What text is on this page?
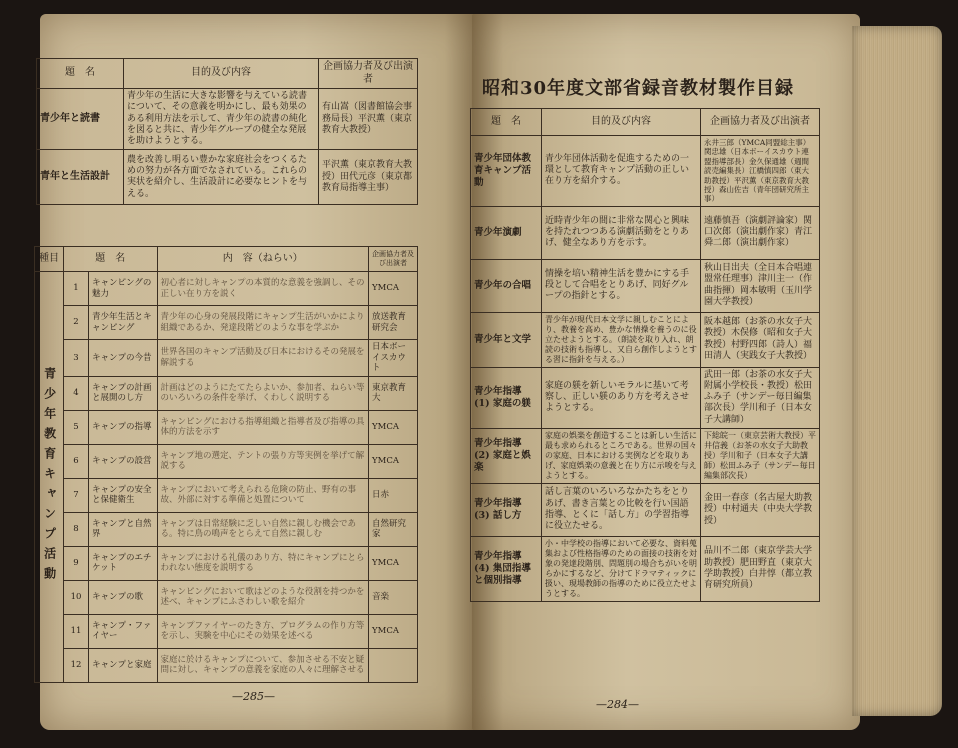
題　名	目的及び内容	企画協力者及び出演者
青少年と読書	青少年の生活に大きな影響を与えている読書について、その意義を明かにし、最も効果のある利用方法を示して、青少年の読書の純化を図ると共に、青少年グループの健全な発展を助けようとする。	有山嵩（図書館協会事務局長）平沢薫（東京教育大教授）
青年と生活設計	農を改善し明るい豊かな家庭社会をつくるための努力が各方面でなされている。これらの実状を紹介し、生活設計に必要なヒントを与える。	平沢薫（東京教育大教授）田代元彦（東京都教育局指導主事）
種目	題　名		内　容（ねらい）	企画協力者及び出演者

青少年教育キャンプ活動	1	キャンピングの魅力	初心者に対しキャンプの本質的な意義を強調し、その正しい在り方を説く	YMCA
	2	青少年生活とキャンピング	青少年の心身の発展段階にキャンプ生活がいかにより組織であるか、発達段階どのような事を学ぶか	放送教育研究会
	3	キャンプの今昔	世界各国のキャンプ活動及び日本におけるその発展を解説する	日本ボーイスカウト
	4	キャンプの計画と展開のし方	計画はどのようにたてたらよいか、参加者、ねらい等のいろいろの条件を挙げ、くわしく説明する	東京教育大
	5	キャンプの指導	キャンピングにおける指導組織と指導者及び指導の具体的方法を示す	YMCA
	6	キャンプの設営	キャンプ地の選定、テントの張り方等実例を挙げて解説する	YMCA
	7	キャンプの安全と保健衛生	キャンプにおいて考えられる危険の防止、野有の事故、外部に対する準備と処置について	日赤
	8	キャンプと自然界	キャンプは日常経験に乏しい自然に親しむ機会である。特に鳥の鳴声をとらえて自然に親しむ	自然研究家
	9	キャンプのエチケット	キャンプにおける礼儀のあり方、特にキャンプにとらわれない態度を説明する	YMCA
	10	キャンプの歌	キャンピングにおいて歌はどのような役割を持つかを述べ、キャンプにふさわしい歌を紹介	音楽
	11	キャンプ・ファイヤー	キャンプファイヤーのたき方、プログラムの作り方等を示し、実験を中心にその効果を述べる	YMCA
	12	キャンプと家庭	家庭に於けるキャンプについて、参加させる不安と疑問に対し、キャンプの意義を家庭の人々に理解させる	
—285—
昭和30年度文部省録音教材製作目録
題　名	目的及び内容	企画協力者及び出演者
青少年団体教育キャンプ活動	青少年団体活動を促進するための一環として教育キャンプ活動の正しい在り方を紹介する。	永井三郎（YMCA同盟総主事）関忠雄（日本ボーイスカウト連盟指導部長）金久保通雄（週間読売編集長）江橋慎四郎（東大助教授）平沢薫（東京教育大教授）森山佐吉（青年団研究所主事）
青少年演劇	近時青少年の間に非常な関心と興味を持たれつつある演劇活動をとりあげ、健全なあり方を示す。	遠藤慎吾（演劇評論家）関口次郎（演出劇作家）青江舜二郎（演出劇作家）
青少年の合唱	情操を培い精神生活を豊かにする手段として合唱をとりあげ、同好グループの指針とする。	秋山日出夫（全日本合唱連盟常任理事）津川主一（作曲指揮）岡本敏明（玉川学園大学教授）
青少年と文学	青少年が現代日本文学に親しむことにより、教養を高め、豊かな情操を養うのに役立たせようとする。（朗読を取り入れ、朗読の技術も指導し、又自ら創作しようとする習に指針を与える。）	阪本越郎（お茶の水女子大教授）木俣修（昭和女子大教授）村野四郎（詩人）福田清人（実践女子大教授）
青少年指導 (1) 家庭の躾	家庭の躾を新しいモラルに基いて考察し、正しい躾のあり方を考えさせようとする。	武田一郎（お茶の水女子大附属小学校長・教授）松田ふみ子（サンデー毎日編集部次長）学川和子（日本女子大講師）
青少年指導 (2) 家庭と娯楽	家庭の娯楽を創造することは新しい生活に最も求められるところである。世界の国々の家庭、日本における実例などを取りあげ、家庭娯楽の意義と在り方に示唆を与えようとする。	下総皖一（東京芸術大教授）平井信義（お茶の水女子大助教授）学川和子（日本女子大講師）松田ふみ子（サンデー毎日編集部次長）
青少年指導 (3) 話し方	話し言葉のいろいろなかたちをとりあげ、書き言葉との比較を行い国語指導、とくに「話し方」の学習指導に役立たせる。	金田一春彦（名古屋大助教授）中村通夫（中央大学教授）
青少年指導 (4) 集団指導と個別指導	小・中学校の指導において必要な、資料蒐集および性格指導のための面接の技術を対象の発達段階別、問題別の場合ちがいを明らかにするなど、分けてドラマティックに扱い、現場教師の指導のために役立たせようとする。	品川不二郎（東京学芸大学助教授）肥田野直（東京大学助教授）白井惇（都立教育研究所員）
—284—
